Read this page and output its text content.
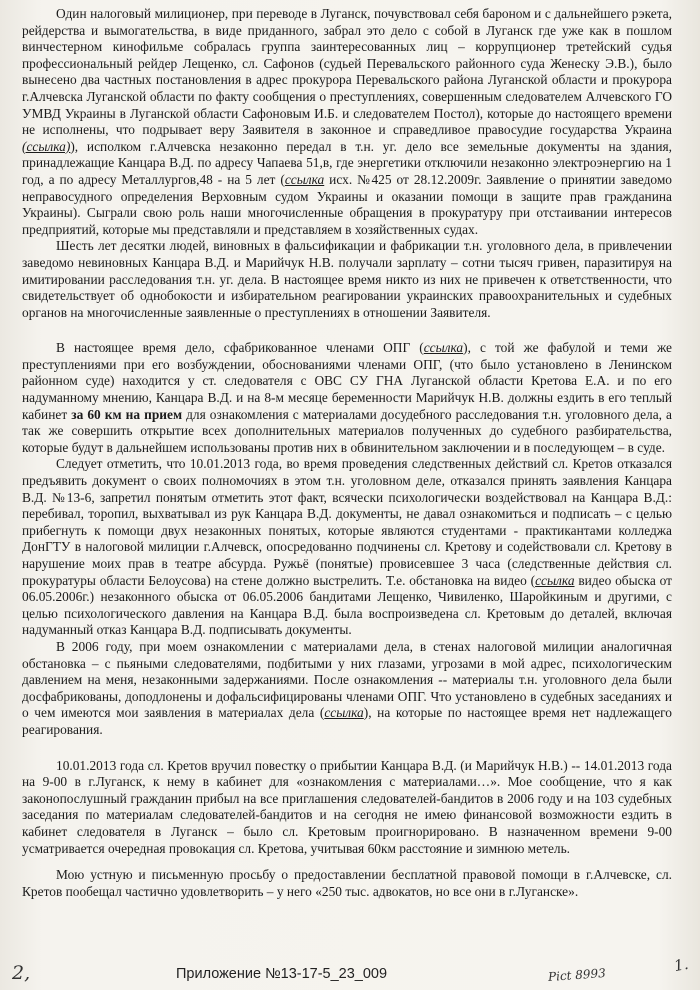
Один налоговый милиционер, при переводе в Луганск, почувствовал себя бароном и с дальнейшего рэкета, рейдерства и вымогательства, в виде приданного, забрал это дело с собой в Луганск где уже как в пошлом винчестерном кинофильме собралась группа заинтересованных лиц – коррупционер третейский судья профессиональный рейдер Лещенко, сл. Сафонов (судьей Перевальского районного суда Женеску Э.В.), было вынесено два частных постановления в адрес прокурора Перевальского района Луганской области и прокурора г.Алчевска Луганской области по факту сообщения о преступлениях, совершенным следователем Алчевского ГО УМВД Украины в Луганской области Сафоновым И.Б. и следователем Постол), которые до настоящего времени не исполнены, что подрывает веру Заявителя в законное и справедливое правосудие государства Украина (ссылка)), исполком г.Алчевска незаконно передал в т.н. уг. дело все земельные документы на здания, принадлежащие Канцара В.Д. по адресу Чапаева 51,в, где энергетики отключили незаконно электроэнергию на 1 год, а по адресу Металлургов,48 - на 5 лет (ссылка исх. №425 от 28.12.2009г. Заявление о принятии заведомо неправосудного определения Верховным судом Украины и оказании помощи в защите прав гражданина Украины). Сыграли свою роль наши многочисленные обращения в прокуратуру при отстаивании интересов предприятий, которые мы представляли и представляем в хозяйственных судах.

Шесть лет десятки людей, виновных в фальсификации и фабрикации т.н. уголовного дела, в привлечении заведомо невиновных Канцара В.Д. и Марийчук Н.В. получали зарплату – сотни тысяч гривен, паразитируя на имитировании расследования т.н. уг. дела. В настоящее время никто из них не привечен к ответственности, что свидетельствует об однобокости и избирательном реагировании украинских правоохранительных и судебных органов на многочисленные заявленные о преступлениях в отношении Заявителя.

В настоящее время дело, сфабрикованное членами ОПГ (ссылка), с той же фабулой и теми же преступлениями при его возбуждении, обоснованиями членами ОПГ, (что было установлено в Ленинском районном суде) находится у ст. следователя с ОВС СУ ГНА Луганской области Кретова Е.А. и по его надуманному мнению, Канцара В.Д. и на 8-м месяце беременности Марийчук Н.В. должны ездить в его теплый кабинет за 60 км на прием для ознакомления с материалами досудебного расследования т.н. уголовного дела, а так же совершить открытие всех дополнительных материалов полученных до судебного разбирательства, которые будут в дальнейшем использованы против них в обвинительном заключении и в последующем – в суде.

Следует отметить, что 10.01.2013 года, во время проведения следственных действий сл. Кретов отказался предъявить документ о своих полномочиях в этом т.н. уголовном деле, отказался принять заявления Канцара В.Д. №13-6, запретил понятым отметить этот факт, всячески психологически воздействовал на Канцара В.Д.: перебивал, торопил, выхватывал из рук Канцара В.Д. документы, не давал ознакомиться и подписать – с целью прибегнуть к помощи двух незаконных понятых, которые являются студентами - практикантами колледжа ДонГТУ в налоговой милиции г.Алчевск, опосредованно подчинены сл. Кретову и содействовали сл. Кретову в нарушение моих прав в театре абсурда. Ружьё (понятые) провисевшее 3 часа (следственные действия сл. прокуратуры области Белоусова) на стене должно выстрелить. Т.е. обстановка на видео (ссылка видео обыска от 06.05.2006г.) незаконного обыска от 06.05.2006 бандитами Лещенко, Чивиленко, Шаройкиным и другими, с целью психологического давления на Канцара В.Д. была воспроизведена сл. Кретовым до деталей, включая надуманный отказ Канцара В.Д. подписывать документы.

В 2006 году, при моем ознакомлении с материалами дела, в стенах налоговой милиции аналогичная обстановка – с пьяными следователями, подбитыми у них глазами, угрозами в мой адрес, психологическим давлением на меня, незаконными задержаниями. После ознакомления -- материалы т.н. уголовного дела были досфабрикованы, доподлонены и дофальсифицированы членами ОПГ. Что установлено в судебных заседаниях и о чем имеются мои заявления в материалах дела (ссылка), на которые по настоящее время нет надлежащего реагирования.

10.01.2013 года сл. Кретов вручил повестку о прибытии Канцара В.Д. (и Марийчук Н.В.) -- 14.01.2013 года на 9-00 в г.Луганск, к нему в кабинет для «ознакомления с материалами…». Мое сообщение, что я как законопослушный гражданин прибыл на все приглашения следователей-бандитов в 2006 году и на 103 судебных заседания по материалам следователей-бандитов и на сегодня не имею финансовой возможности ездить в кабинет следователя в Луганск – было сл. Кретовым проигнорировано. В назначенном времени 9-00 усматривается очередная провокация сл. Кретова, учитывая 60км расстояние и зимнюю метель.

Мою устную и письменную просьбу о предоставлении бесплатной правовой помощи в г.Алчевске, сл. Кретов пообещал частично удовлетворить – у него «250 тыс. адвокатов, но все они в г.Луганске».

2,	Приложение №13-17-5_23_009	Pict 8993	1.
